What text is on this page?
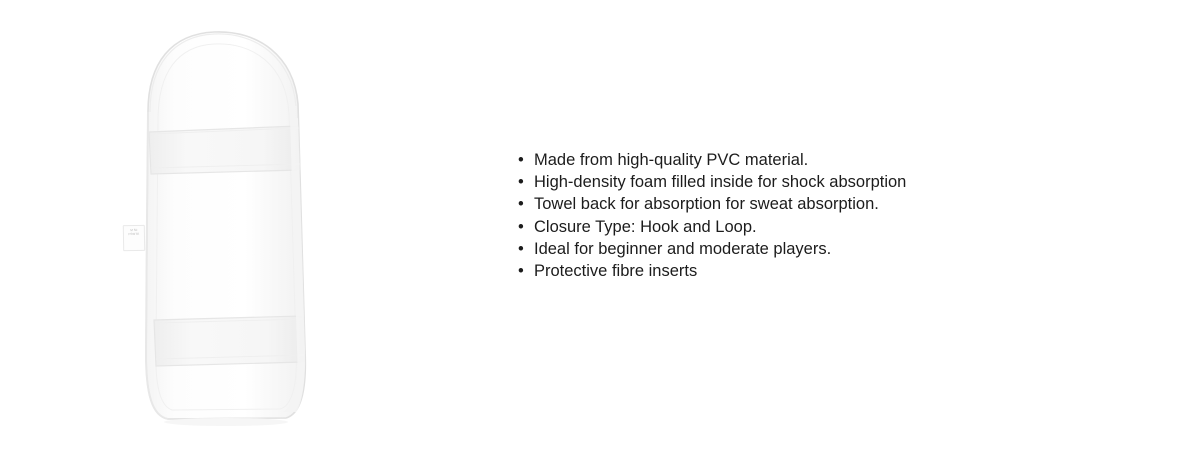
M 50
PROTE
• Made from high-quality PVC material.
• High-density foam filled inside for shock absorption
• Towel back for absorption for sweat absorption.
• Closure Type: Hook and Loop.
• Ideal for beginner and moderate players.
• Protective fibre inserts
